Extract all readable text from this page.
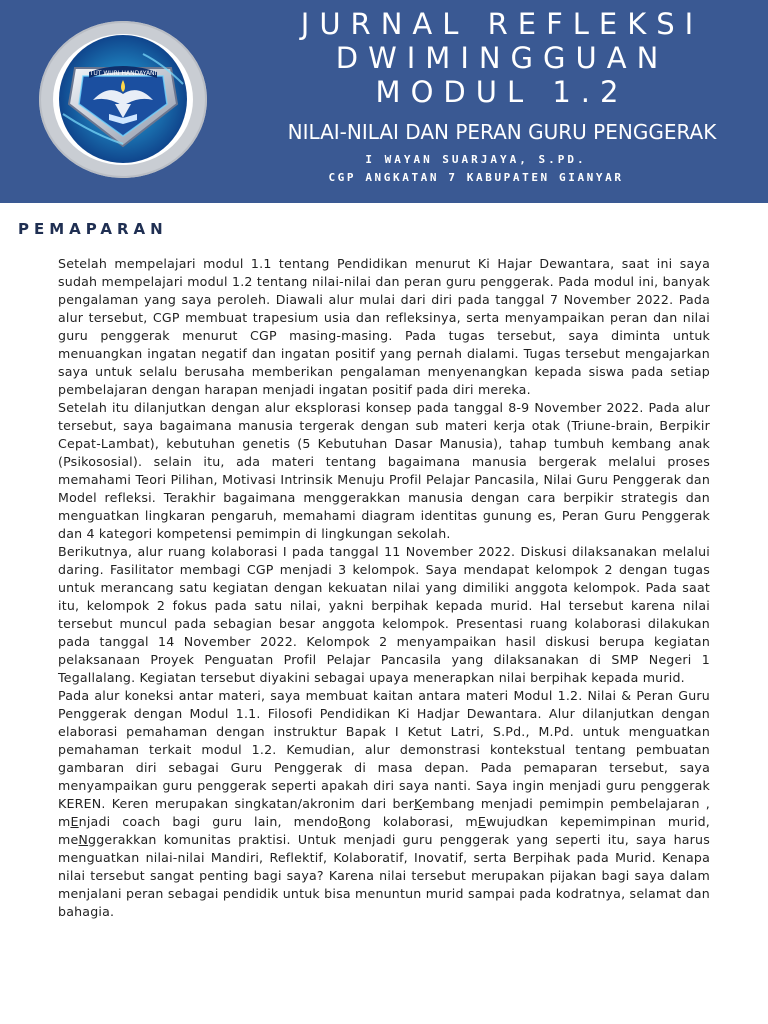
TUT WURI HANDAYANI
JURNAL REFLEKSI
DWIMINGGUAN
MODUL 1.2
NILAI-NILAI DAN PERAN GURU PENGGERAK
I WAYAN SUARJAYA, S.PD.
CGP ANGKATAN 7 KABUPATEN GIANYAR
PEMAPARAN

Setelah mempelajari modul 1.1 tentang Pendidikan menurut Ki Hajar Dewantara, saat ini saya sudah mempelajari modul 1.2 tentang nilai-nilai dan peran guru penggerak. Pada modul ini, banyak pengalaman yang saya peroleh. Diawali alur mulai dari diri pada tanggal 7 November 2022. Pada alur tersebut, CGP membuat trapesium usia dan refleksinya, serta menyampaikan peran dan nilai guru penggerak menurut CGP masing-masing. Pada tugas tersebut, saya diminta untuk menuangkan ingatan negatif dan ingatan positif yang pernah dialami. Tugas tersebut mengajarkan saya untuk selalu berusaha memberikan pengalaman menyenangkan kepada siswa pada setiap pembelajaran dengan harapan menjadi ingatan positif pada diri mereka.

Setelah itu dilanjutkan dengan alur eksplorasi konsep pada tanggal 8-9 November 2022. Pada alur tersebut, saya bagaimana manusia tergerak dengan sub materi kerja otak (Triune-brain, Berpikir Cepat-Lambat), kebutuhan genetis (5 Kebutuhan Dasar Manusia), tahap tumbuh kembang anak (Psikososial). selain itu, ada materi tentang bagaimana manusia bergerak melalui proses memahami Teori Pilihan, Motivasi Intrinsik Menuju Profil Pelajar Pancasila, Nilai Guru Penggerak dan Model refleksi. Terakhir bagaimana menggerakkan manusia dengan cara berpikir strategis dan menguatkan lingkaran pengaruh, memahami diagram identitas gunung es, Peran Guru Penggerak dan 4 kategori kompetensi pemimpin di lingkungan sekolah.

Berikutnya, alur ruang kolaborasi I pada tanggal 11 November 2022. Diskusi dilaksanakan melalui daring. Fasilitator membagi CGP menjadi 3 kelompok. Saya mendapat kelompok 2 dengan tugas untuk merancang satu kegiatan dengan kekuatan nilai yang dimiliki anggota kelompok. Pada saat itu, kelompok 2 fokus pada satu nilai, yakni berpihak kepada murid. Hal tersebut karena nilai tersebut muncul pada sebagian besar anggota kelompok. Presentasi ruang kolaborasi dilakukan pada tanggal 14 November 2022. Kelompok 2 menyampaikan hasil diskusi berupa kegiatan pelaksanaan Proyek Penguatan Profil Pelajar Pancasila yang dilaksanakan di SMP Negeri 1 Tegallalang. Kegiatan tersebut diyakini sebagai upaya menerapkan nilai berpihak kepada murid.

Pada alur koneksi antar materi, saya membuat kaitan antara materi Modul 1.2. Nilai & Peran Guru Penggerak dengan Modul 1.1. Filosofi Pendidikan Ki Hadjar Dewantara. Alur dilanjutkan dengan elaborasi pemahaman dengan instruktur Bapak I Ketut Latri, S.Pd., M.Pd. untuk menguatkan pemahaman terkait modul 1.2. Kemudian, alur demonstrasi kontekstual tentang pembuatan gambaran diri sebagai Guru Penggerak di masa depan. Pada pemaparan tersebut, saya menyampaikan guru penggerak seperti apakah diri saya nanti. Saya ingin menjadi guru penggerak KEREN. Keren merupakan singkatan/akronim dari berKembang menjadi pemimpin pembelajaran , mEnjadi coach bagi guru lain, mendoRong kolaborasi, mEwujudkan kepemimpinan murid, meNggerakkan komunitas praktisi. Untuk menjadi guru penggerak yang seperti itu, saya harus menguatkan nilai-nilai Mandiri, Reflektif, Kolaboratif, Inovatif, serta Berpihak pada Murid. Kenapa nilai tersebut sangat penting bagi saya? Karena nilai tersebut merupakan pijakan bagi saya dalam menjalani peran sebagai pendidik untuk bisa menuntun murid sampai pada kodratnya, selamat dan bahagia.
